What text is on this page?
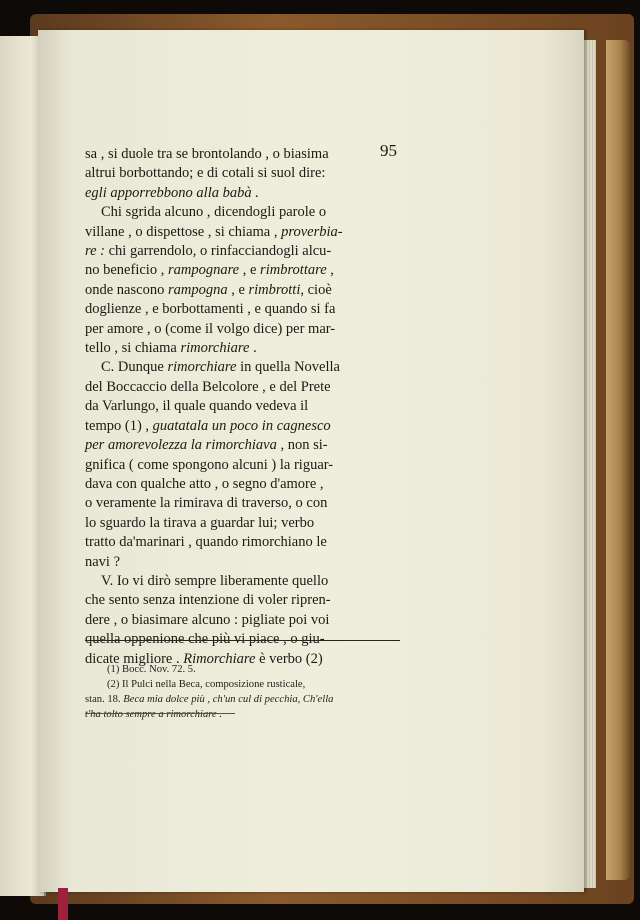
95

sa , si duole tra se brontolando , o biasima

altrui borbottando; e di cotali si suol dire:

egli apporrebbono alla babà .

Chi sgrida alcuno , dicendogli parole o

villane , o dispettose , si chiama , proverbia-

re : chi garrendolo, o rinfacciandogli alcu-

no beneficio , rampognare , e rimbrottare ,

onde nascono rampogna , e rimbrotti, cioè

doglienze , e borbottamenti , e quando si fa

per amore , o (come il volgo dice) per mar-

tello , si chiama rimorchiare .

C. Dunque rimorchiare in quella Novella

del Boccaccio della Belcolore , e del Prete

da Varlungo, il quale quando vedeva il

tempo (1) , guatatala un poco in cagnesco

per amorevolezza la rimorchiava , non si-

gnifica ( come spongono alcuni ) la riguar-

dava con qualche atto , o segno d'amore ,

o veramente la rimirava di traverso, o con

lo sguardo la tirava a guardar lui; verbo

tratto da'marinari , quando rimorchiano le

navi ?

V. Io vi dirò sempre liberamente quello

che sento senza intenzione di voler ripren-

dere , o biasimare alcuno : pigliate poi voi

quella oppenione che più vi piace , o giu-

dicate migliore . Rimorchiare è verbo (2)

(1) Bocc. Nov. 72. 5.

(2) Il Pulci nella Beca, composizione rusticale,

stan. 18. Beca mia dolce più , ch'un cul di pecchia, Ch'ella

t'ha tolto sempre a rimorchiare .
